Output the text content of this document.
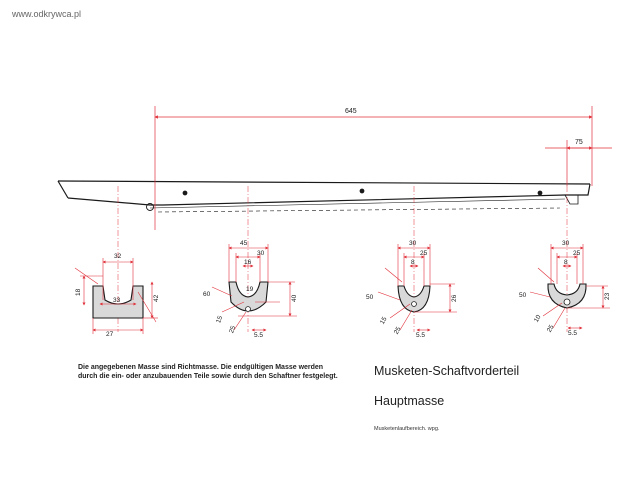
www.odkrywca.pl
645
75
32
18
42
33
27
45
30
16
60
40
19
15
25
5.5
30
25
8
50	26
15
25 5.5
30
25
8
50	23
10
25 5.5
Die angegebenen Masse sind Richtmasse. Die endgültigen Masse werden durch die ein- oder anzubauenden Teile sowie durch den Schaftner festgelegt.	Musketen-Schaftvorderteil
Hauptmasse
Musketenlaufbereich. wpg.
